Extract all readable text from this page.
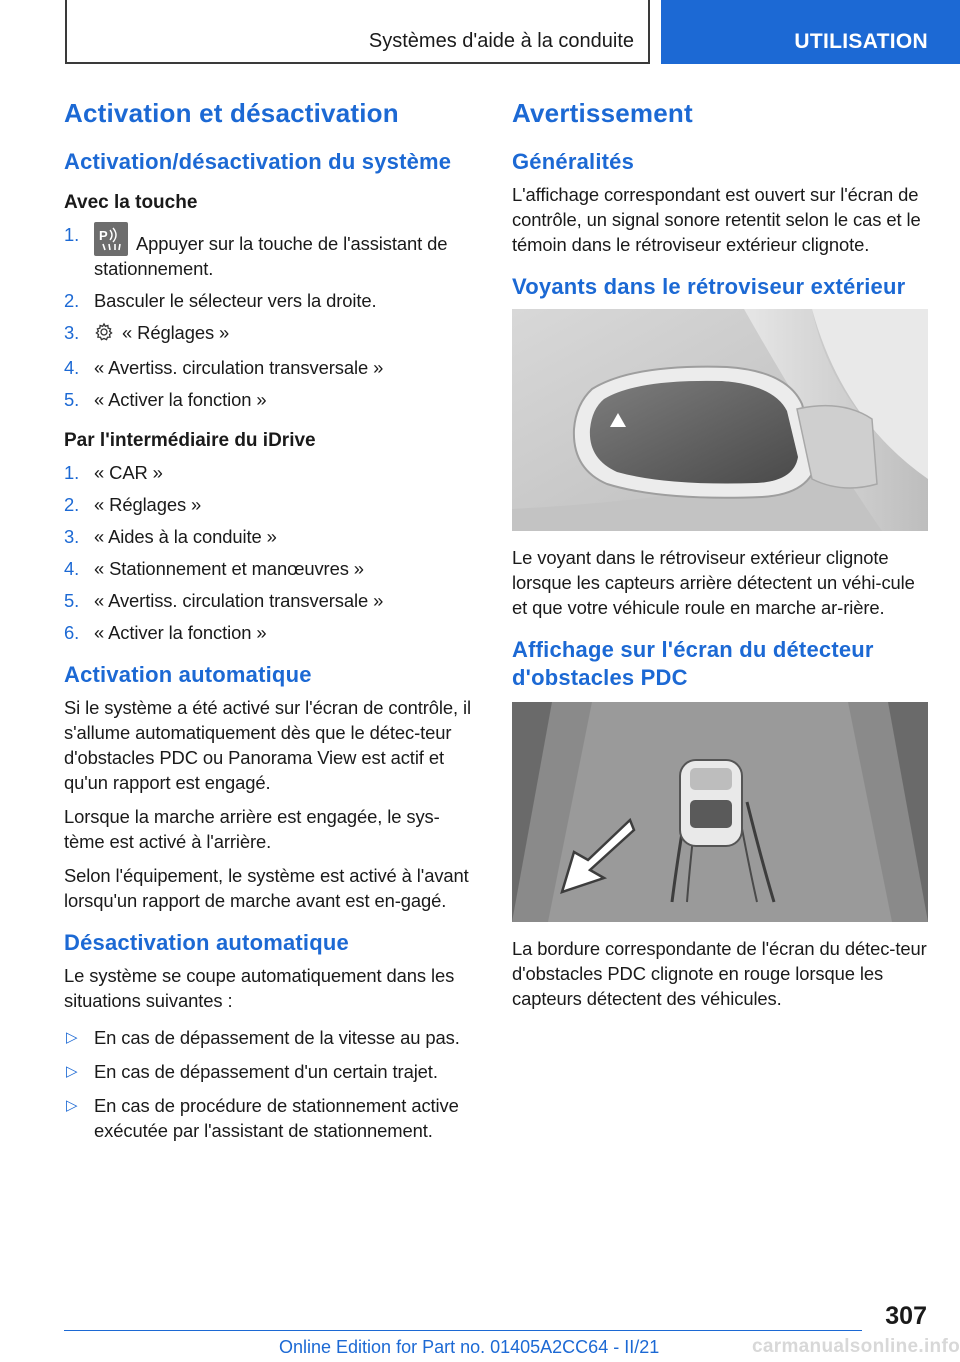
Systèmes d'aide à la conduite	UTILISATION
Activation et désactivation
Activation/désactivation du système
Avec la touche
1. P Appuyer sur la touche de l'assistant de stationnement.
2. Basculer le sélecteur vers la droite.
3. « Réglages »
4. « Avertiss. circulation transversale »
5. « Activer la fonction »
Par l'intermédiaire du iDrive
1. « CAR »
2. « Réglages »
3. « Aides à la conduite »
4. « Stationnement et manœuvres »
5. « Avertiss. circulation transversale »
6. « Activer la fonction »
Activation automatique

Si le système a été activé sur l'écran de contrôle, il s'allume automatiquement dès que le détec-teur d'obstacles PDC ou Panorama View est actif et qu'un rapport est engagé.

Lorsque la marche arrière est engagée, le sys-tème est activé à l'arrière.

Selon l'équipement, le système est activé à l'avant lorsqu'un rapport de marche avant est en-gagé.

Désactivation automatique

Le système se coupe automatiquement dans les situations suivantes :

▷ En cas de dépassement de la vitesse au pas.
▷ En cas de dépassement d'un certain trajet.
▷ En cas de procédure de stationnement active exécutée par l'assistant de stationnement.
Avertissement
Généralités

L'affichage correspondant est ouvert sur l'écran de contrôle, un signal sonore retentit selon le cas et le témoin dans le rétroviseur extérieur clignote.

Voyants dans le rétroviseur extérieur

Le voyant dans le rétroviseur extérieur clignote lorsque les capteurs arrière détectent un véhi-cule et que votre véhicule roule en marche ar-rière.

Affichage sur l'écran du détecteur d'obstacles PDC

La bordure correspondante de l'écran du détec-teur d'obstacles PDC clignote en rouge lorsque les capteurs détectent des véhicules.

307
Online Edition for Part no. 01405A2CC64 - II/21	carmanualsonline.info
